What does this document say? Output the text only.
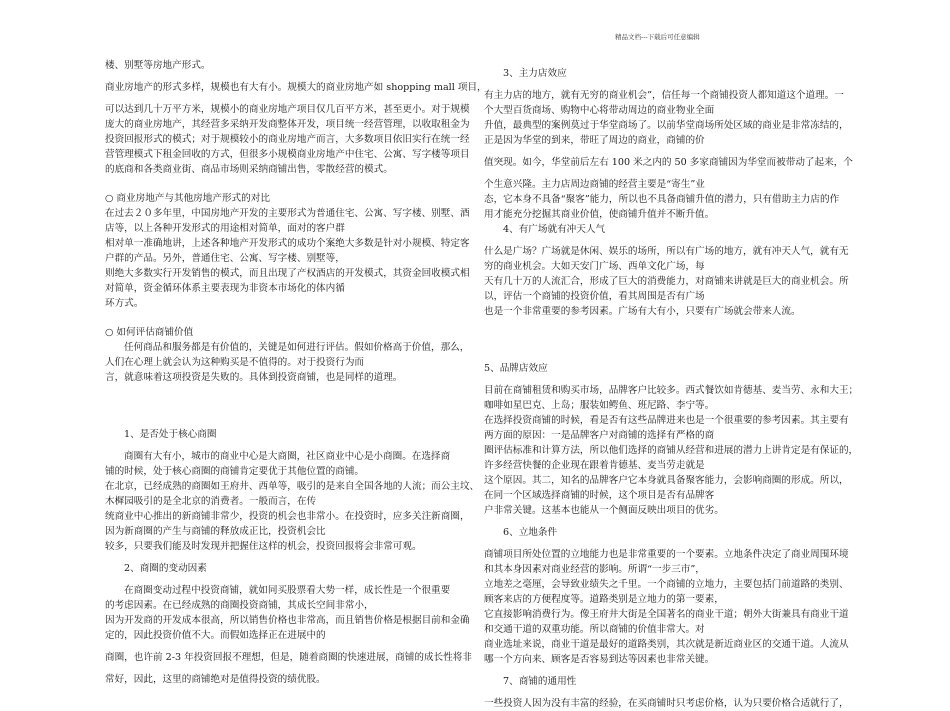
精品文档---下载后可任意编辑
楼、别墅等房地产形式。
商业房地产的形式多样，规模也有大有小。规模大的商业房地产如 shopping mall 项目，
可以达到几十万平方米，规模小的商业房地产项目仅几百平方米，甚至更小。对于规模
庞大的商业房地产，其经营多采纳开发商整体开发，项目统一经营管理，以收取租金为
投资回报形式的模式；对于规模较小的商业房地产而言，大多数项目依旧实行在统一经
营管理模式下租金回收的方式，但很多小规模商业房地产中住宅、公寓、写字楼等项目
的底商和各类商业街、商品市场则采纳商铺出售，零散经营的模式。
○ 商业房地产与其他房地产形式的对比
在过去２０多年里，中国房地产开发的主要形式为普通住宅、公寓、写字楼、别墅、酒
店等，以上各种开发形式的用途相对简单，面对的客户群
相对单一准确地讲，上述各种地产开发形式的成功个案绝大多数是针对小规模、特定客
户群的产品。另外，普通住宅、公寓、写字楼、别墅等，
则绝大多数实行开发销售的模式，而且出现了产权酒店的开发模式，其资金回收模式相
对简单，资金循环体系主要表现为非资本市场化的体内循
环方式。
○ 如何评估商铺价值
任何商品和服务都是有价值的，关键是如何进行评估。假如价格高于价值，那么，
人们在心理上就会认为这种购买是不值得的。对于投资行为而
言，就意味着这项投资是失败的。具体到投资商铺，也是同样的道理。
1、是否处于核心商圈
商圈有大有小，城市的商业中心是大商圈，社区商业中心是小商圈。在选择商
铺的时候，处于核心商圈的商铺肯定要优于其他位置的商铺。
在北京，已经成熟的商圈如王府井、西单等，吸引的是来自全国各地的人流；而公主坟、
木樨园吸引的是全北京的消费者。一般而言，在传
统商业中心推出的新商铺非常少，投资的机会也非常小。在投资时，应多关注新商圈，
因为新商圈的产生与商铺的释放成正比，投资机会比
较多，只要我们能及时发现并把握住这样的机会，投资回报将会非常可观。
2、商圈的变动因素
在商圈变动过程中投资商铺，就如同买股票看大势一样，成长性是一个很重要
的考虑因素。在已经成熟的商圈投资商铺，其成长空间非常小，
因为开发商的开发成本很高，所以销售价格也非常高，而且销售价格是根据目前和金确
定的，因此投资价值不大。而假如选择正在进展中的
商圈，也许前 2-3 年投资回报不理想，但是，随着商圈的快速进展，商铺的成长性将非
常好，因此，这里的商铺绝对是值得投资的绩优股。
3、主力店效应
有主力店的地方，就有无穷的商业机会”，信任每一个商铺投资人都知道这个道理。一
个大型百货商场、购物中心将带动周边的商业物业全面
升值，最典型的案例莫过于华堂商场了。以前华堂商场所处区域的商业是非常冻结的，
正是因为华堂的到来，带旺了周边的商业，商铺的价
值突现。如今，华堂前后左右 100 米之内的 50 多家商铺因为华堂而被带动了起来，个
个生意兴隆。主力店周边商铺的经营主要是“寄生”业
态，它本身不具备“聚客”能力，所以也不具备商铺升值的潜力，只有借助主力店的作
用才能充分挖掘其商业价值，使商铺升值并不断升值。
4、有广场就有冲天人气
什么是广场？广场就是休闲、娱乐的场所，所以有广场的地方，就有冲天人气，就有无
穷的商业机会。大如天安门广场、西单文化广场，每
天有几十万的人流汇合，形成了巨大的消费能力，对商铺来讲就是巨大的商业机会。所
以，评估一个商铺的投资价值，看其周围是否有广场
也是一个非常重要的参考因素。广场有大有小，只要有广场就会带来人流。
5、品牌店效应
目前在商铺租赁和购买市场，品牌客户比较多。西式餐饮如肯德基、麦当劳、永和大王；
咖啡如星巴克、上岛；服装如鳄鱼、班尼路、李宁等。
在选择投资商铺的时候，看是否有这些品牌进来也是一个很重要的参考因素。其主要有
两方面的原因：一是品牌客户对商铺的选择有严格的商
圈评估标准和计算方法，所以他们选择的商铺从经营和进展的潜力上讲肯定是有保证的，
许多经营快餐的企业现在跟着肯德基、麦当劳走就是
这个原因。其二，知名的品牌客户它本身就具备聚客能力，会影响商圈的形成。所以，
在同一个区域选择商铺的时候，这个项目是否有品牌客
户非常关键。这基本也能从一个侧面反映出项目的优劣。
6、立地条件
商铺项目所处位置的立地能力也是非常重要的一个要素。立地条件决定了商业周围环境
和其本身因素对商业经营的影响。所谓“一步三市”，
立地差之毫厘，会导致业绩失之千里。一个商铺的立地力，主要包括门前道路的类别、
顾客来店的方便程度等。道路类别是立地力的第一要素，
它直接影响消费行为。像王府井大街是全国著名的商业干道；朝外大街兼具有商业干道
和交通干道的双重功能。所以商铺的价值非常大。对
商业选址来说，商业干道是最好的道路类别，其次就是新近商业区的交通干道。人流从
哪一个方向来、顾客是否容易到达等因素也非常关键。
7、商铺的通用性
一些投资人因为没有丰富的经验，在买商铺时只考虑价格，认为只要价格合适就行了，
